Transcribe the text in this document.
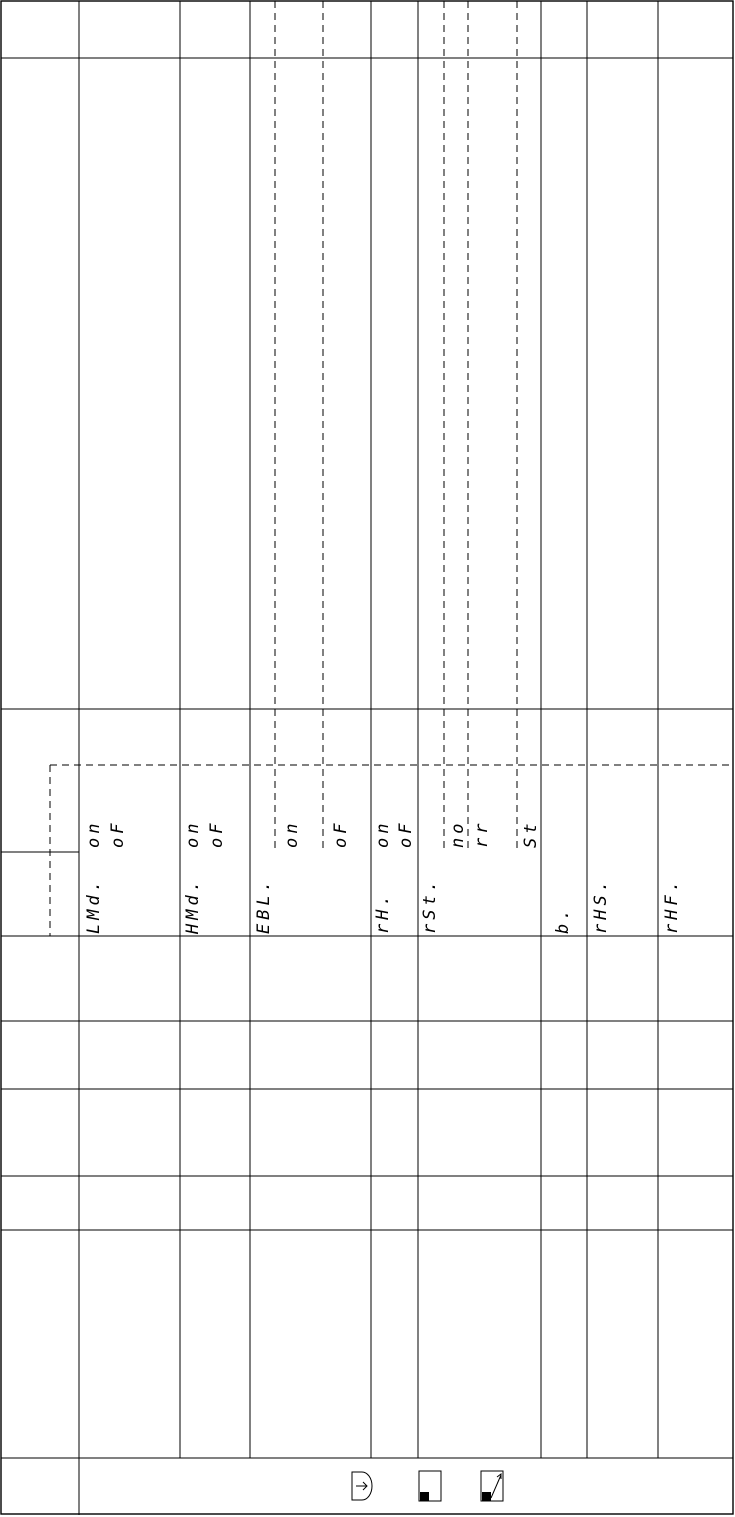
LMd.
on oF
HMd.
on oF
EBL.
on oF
rH.
on oF
rSt.
no rr St
b. rHS.	rHF.
